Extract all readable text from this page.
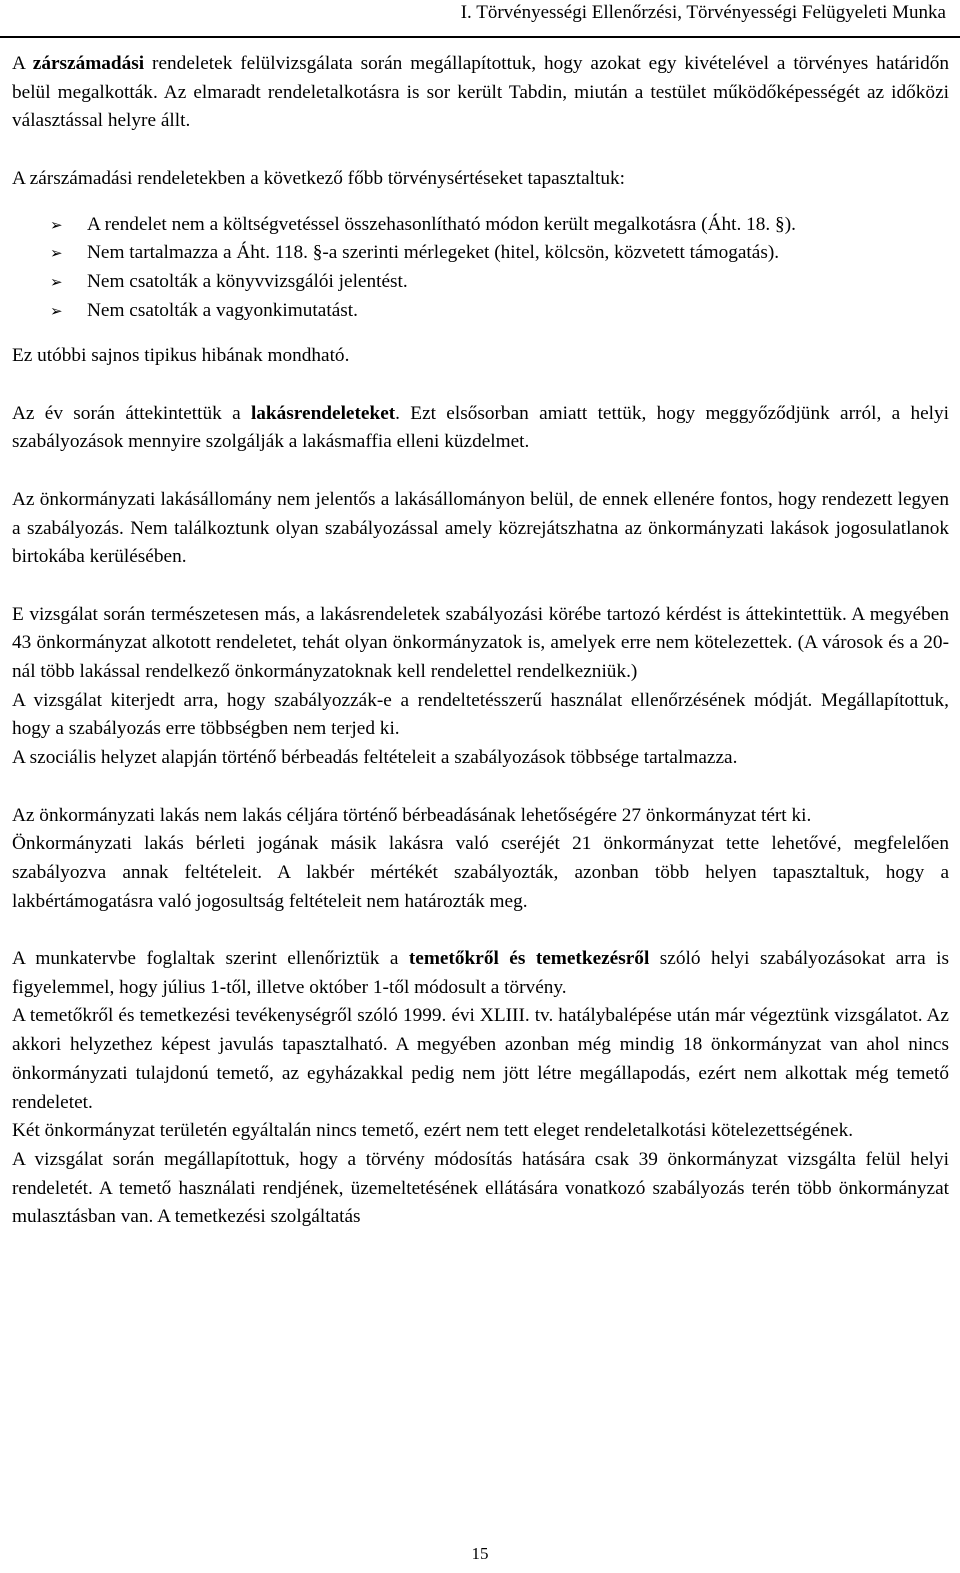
I. Törvényességi Ellenőrzési, Törvényességi Felügyeleti Munka

A zárszámadási rendeletek felülvizsgálata során megállapítottuk, hogy azokat egy kivételével a törvényes határidőn belül megalkották. Az elmaradt rendeletalkotásra is sor került Tabdin, miután a testület működőképességét az időközi választással helyre állt.

A zárszámadási rendeletekben a következő főbb törvénysértéseket tapasztaltuk:

➢ A rendelet nem a költségvetéssel összehasonlítható módon került megalkotásra (Áht. 18. §).
➢ Nem tartalmazza a Áht. 118. §-a szerinti mérlegeket (hitel, kölcsön, közvetett támogatás).
➢ Nem csatolták a könyvvizsgálói jelentést.
➢ Nem csatolták a vagyonkimutatást.

Ez utóbbi sajnos tipikus hibának mondható.

Az év során áttekintettük a lakásrendeleteket. Ezt elsősorban amiatt tettük, hogy meggyőződjünk arról, a helyi szabályozások mennyire szolgálják a lakásmaffia elleni küzdelmet.

Az önkormányzati lakásállomány nem jelentős a lakásállományon belül, de ennek ellenére fontos, hogy rendezett legyen a szabályozás. Nem találkoztunk olyan szabályozással amely közrejátszhatna az önkormányzati lakások jogosulatlanok birtokába kerülésében.

E vizsgálat során természetesen más, a lakásrendeletek szabályozási körébe tartozó kérdést is áttekintettük. A megyében 43 önkormányzat alkotott rendeletet, tehát olyan önkormányzatok is, amelyek erre nem kötelezettek. (A városok és a 20-nál több lakással rendelkező önkormányzatoknak kell rendelettel rendelkezniük.)

A vizsgálat kiterjedt arra, hogy szabályozzák-e a rendeltetésszerű használat ellenőrzésének módját. Megállapítottuk, hogy a szabályozás erre többségben nem terjed ki.

A szociális helyzet alapján történő bérbeadás feltételeit a szabályozások többsége tartalmazza.

Az önkormányzati lakás nem lakás céljára történő bérbeadásának lehetőségére 27 önkormányzat tért ki.

Önkormányzati lakás bérleti jogának másik lakásra való cseréjét 21 önkormányzat tette lehetővé, megfelelően szabályozva annak feltételeit. A lakbér mértékét szabályozták, azonban több helyen tapasztaltuk, hogy a lakbértámogatásra való jogosultság feltételeit nem határozták meg.

A munkatervbe foglaltak szerint ellenőriztük a temetőkről és temetkezésről szóló helyi szabályozásokat arra is figyelemmel, hogy július 1-től, illetve október 1-től módosult a törvény.

A temetőkről és temetkezési tevékenységről szóló 1999. évi XLIII. tv. hatálybalépése után már végeztünk vizsgálatot. Az akkori helyzethez képest javulás tapasztalható. A megyében azonban még mindig 18 önkormányzat van ahol nincs önkormányzati tulajdonú temető, az egyházakkal pedig nem jött létre megállapodás, ezért nem alkottak még temető rendeletet.

Két önkormányzat területén egyáltalán nincs temető, ezért nem tett eleget rendeletalkotási kötelezettségének.

A vizsgálat során megállapítottuk, hogy a törvény módosítás hatására csak 39 önkormányzat vizsgálta felül helyi rendeletét. A temető használati rendjének, üzemeltetésének ellátására vonatkozó szabályozás terén több önkormányzat mulasztásban van. A temetkezési szolgáltatás

15
